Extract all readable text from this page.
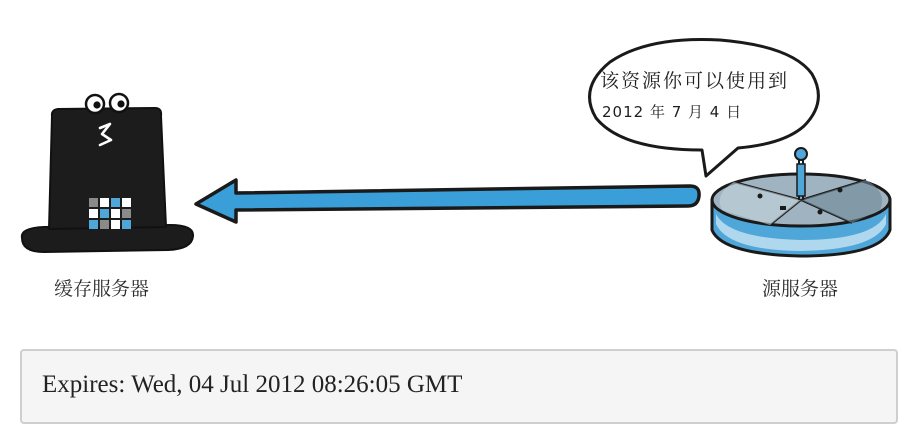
该资源你可以使用到
2012 年 7 月 4 日
缓存服务器	源服务器
Expires: Wed, 04 Jul 2012 08:26:05 GMT
